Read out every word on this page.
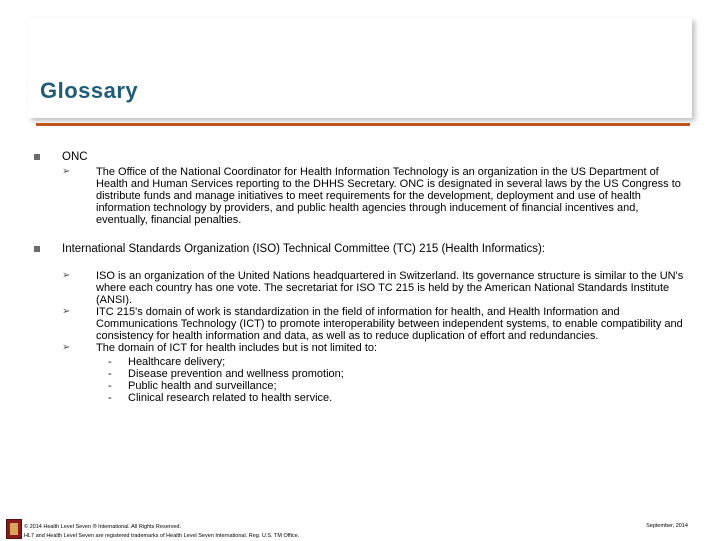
Glossary
ONC
➢ The Office of the National Coordinator for Health Information Technology is an organization in the US Department of Health and Human Services reporting to the DHHS Secretary. ONC is designated in several laws by the US Congress to distribute funds and manage initiatives to meet requirements for the development, deployment and use of health information technology by providers, and public health agencies through inducement of financial incentives and, eventually, financial penalties.
International Standards Organization (ISO) Technical Committee (TC) 215 (Health Informatics):
➢ ISO is an organization of the United Nations headquartered in Switzerland. Its governance structure is similar to the UN's where each country has one vote. The secretariat for ISO TC 215 is held by the American National Standards Institute (ANSI).
➢ ITC 215's domain of work is standardization in the field of information for health, and Health Information and Communications Technology (ICT) to promote interoperability between independent systems, to enable compatibility and consistency for health information and data, as well as to reduce duplication of effort and redundancies.
➢ The domain of ICT for health includes but is not limited to:
- Healthcare delivery;
- Disease prevention and wellness promotion;
- Public health and surveillance;
- Clinical research related to health service.
© 2014 Health Level Seven ® International. All Rights Reserved.
HL7 and Health Level Seven are registered trademarks of Health Level Seven International. Reg. U.S. TM Office.
September, 2014
